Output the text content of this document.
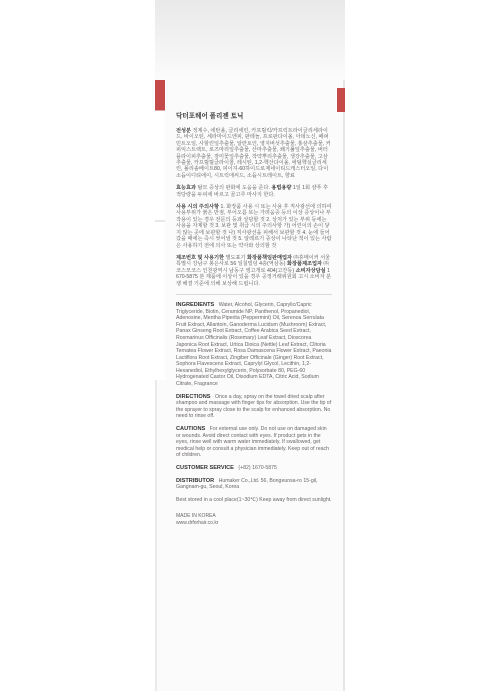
닥터포헤어 폴리젠 토닉
전성분 정제수, 에탄올, 글리세린, 카프릴릭/카프릭트라이글리세라이드, 바이오틴, 세라마이드엔피, 판테놀, 프로판다이올, 아데노신, 페퍼민트오일, 사할린잎추출물, 알란토인, 영지버섯추출물, 홍삼추출물, 커피익스트랙트, 로즈마리잎추출물, 산마추출물, 쐐기풀잎추출물, 버터플라이피추출물, 장미꽃잎추출물, 작약뿌리추출물, 생강추출물, 고삼추출물, 카프릴릴글라이콜, 레시틴, 1,2-헥산다이올, 에틸헥실글리세린, 폴리솔베이트80, 피이지-60하이드로제네이티드캐스터오일, 다이소듐이디티에이, 시트릭애씨드, 소듐시트레이트, 향료
효능효과 탈모 증상의 완화에 도움을 준다. 용법용량 1일 1회 샴푸 후 적당량을 두피에 바르고 골고루 마사지 한다.
사용 시의 주의사항 1. 화장품 사용 시 또는 사용 후 직사광선에 의하여 사용부위가 붉은 반점, 부어오름 또는 가려움증 등의 이상 증상이나 부작용이 있는 경우 전문의 등과 상담할 것 2. 상처가 있는 부위 등에는 사용을 자제할 것 3. 보관 및 취급 시의 주의사항 가) 어린이의 손이 닿지 않는 곳에 보관할 것 나) 직사광선을 피해서 보관할 것 4. 눈에 들어갔을 때에는 즉시 씻어낼 것 5. 알레르기 증상이 나타난 적이 있는 사람은 사용하기 전에 의사 또는 약사와 상의할 것
제조번호 및 사용기한 별도표기 화장품책임판매업자 ㈜휴메이커 서울특별시 강남구 봉은사로 56 일칠빌딩 4층(역삼동) 화장품제조업자 ㈜코스모코스 인천광역시 남동구 앵고개로 404(고잔동) 소비자상담실 1670-5875 본 제품에 이상이 있을 경우 공정거래위원회 고시 소비자 분쟁 해결 기준에 의해 보상해 드립니다.
INGREDIENTS Water, Alcohol, Glycerin, Caprylic/Capric Triglyceride, Biotin, Ceramide NP, Panthenol, Propanediol, Adenosine, Mentha Piperita (Peppermint) Oil, Serenoa Serrulata Fruit Extract, Allantoin, Ganoderma Lucidum (Mushroom) Extract, Panax Ginseng Root Extract, Coffee Arabica Seed Extract, Rosmarinus Officinalis (Rosemary) Leaf Extract, Dioscorea Japonica Root Extract, Urtica Dioica (Nettle) Leaf Extract, Clitoria Ternatea Flower Extract, Rosa Damascena Flower Extract, Paeonia Lactiflora Root Extract, Zingiber Officinale (Ginger) Root Extract, Sophora Flavescens Extract, Caprylyl Glycol, Lecithin, 1,2-Hexanediol, Ethylhexylglycerin, Polysorbate 80, PEG-60 Hydrogenated Castor Oil, Disodium EDTA, Citric Acid, Sodium Citrate, Fragrance
DIRECTIONS Once a day, spray on the towel dried scalp after shampoo and massage with finger tips for absorption. Use the tip of the sprayer to spray close to the scalp for enhanced absorption. No need to rinse off.
CAUTIONS For external use only. Do not use on damaged skin or wounds. Avoid direct contact with eyes. If product gets in the eyes, rinse well with warm water immediately. If swallowed, get medical help or consult a physician immediately. Keep out of reach of children.
CUSTOMER SERVICE (+82) 1670-5875
DISTRIBUTOR Humaker Co.,Ltd. 56, Bongeunsa-ro 15-gil, Gangnam-gu, Seoul, Korea
Best stored in a cool place(1~30℃) Keep away from direct sunlight.
MADE IN KOREA
www.drforhair.co.kr
